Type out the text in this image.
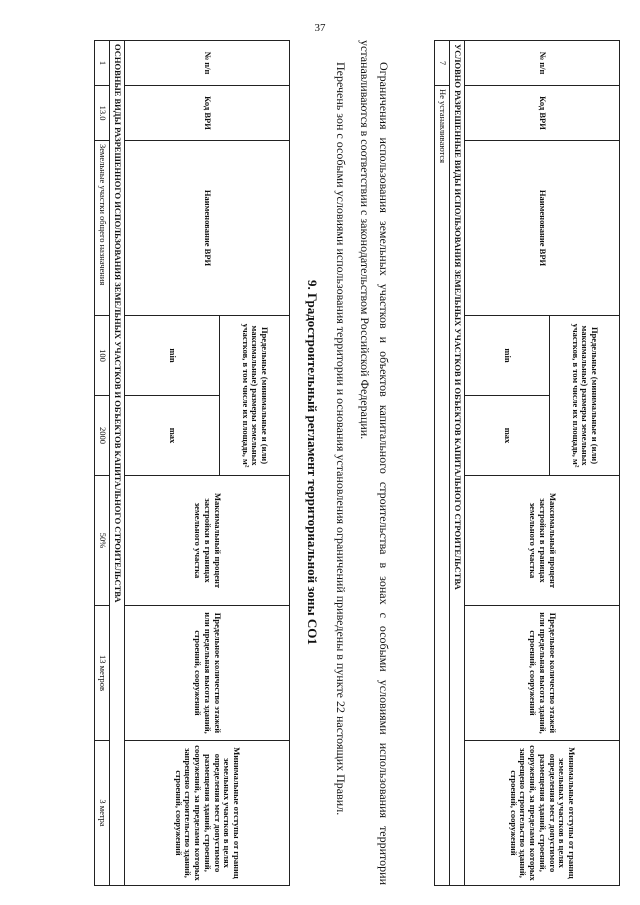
37
№ п/п	Код ВРИ	Наименование ВРИ	Предельные (минимальные и (или) максимальные) размеры земельных участков, в том числе их площадь, м²		Максимальный процент застройки в границах земельного участка	Предельное количество этажей или предельная высота зданий, строений, сооружений	Минимальные отступы от границ земельных участков в целях определения мест допустимого размещения зданий, строений, сооружений, за пределами которых запрещено строительство зданий, строений, сооружений
			min	max			
УСЛОВНО РАЗРЕШЕННЫЕ ВИДЫ ИСПОЛЬЗОВАНИЯ ЗЕМЕЛЬНЫХ УЧАСТКОВ И ОБЪЕКТОВ КАПИТАЛЬНОГО СТРОИТЕЛЬСТВА							
7	Не устанавливаются						

Ограничения использования земельных участков и объектов капитального строительства в зонах с особыми условиями использования территории устанавливаются в соответствии с законодательством Российской Федерации.

Перечень зон с особыми условиями использования территории и основания установления ограничений приведены в пункте 22 настоящих Правил.

9. Градостроительный регламент территориальной зоны СО1
№ п/п	Код ВРИ	Наименование ВРИ	Предельные (минимальные и (или) максимальные) размеры земельных участков, в том числе их площадь, м²		Максимальный процент застройки в границах земельного участка	Предельное количество этажей или предельная высота зданий, строений, сооружений	Минимальные отступы от границ земельных участков в целях определения мест допустимого размещения зданий, строений, сооружений, за пределами которых запрещено строительство зданий, строений, сооружений
			min	max			
ОСНОВНЫЕ ВИДЫ РАЗРЕШЕННОГО ИСПОЛЬЗОВАНИЯ ЗЕМЕЛЬНЫХ УЧАСТКОВ И ОБЪЕКТОВ КАПИТАЛЬНОГО СТРОИТЕЛЬСТВА							
1	13.0	Земельные участки общего назначения	100	2000	50%	13 метров	3 метра
